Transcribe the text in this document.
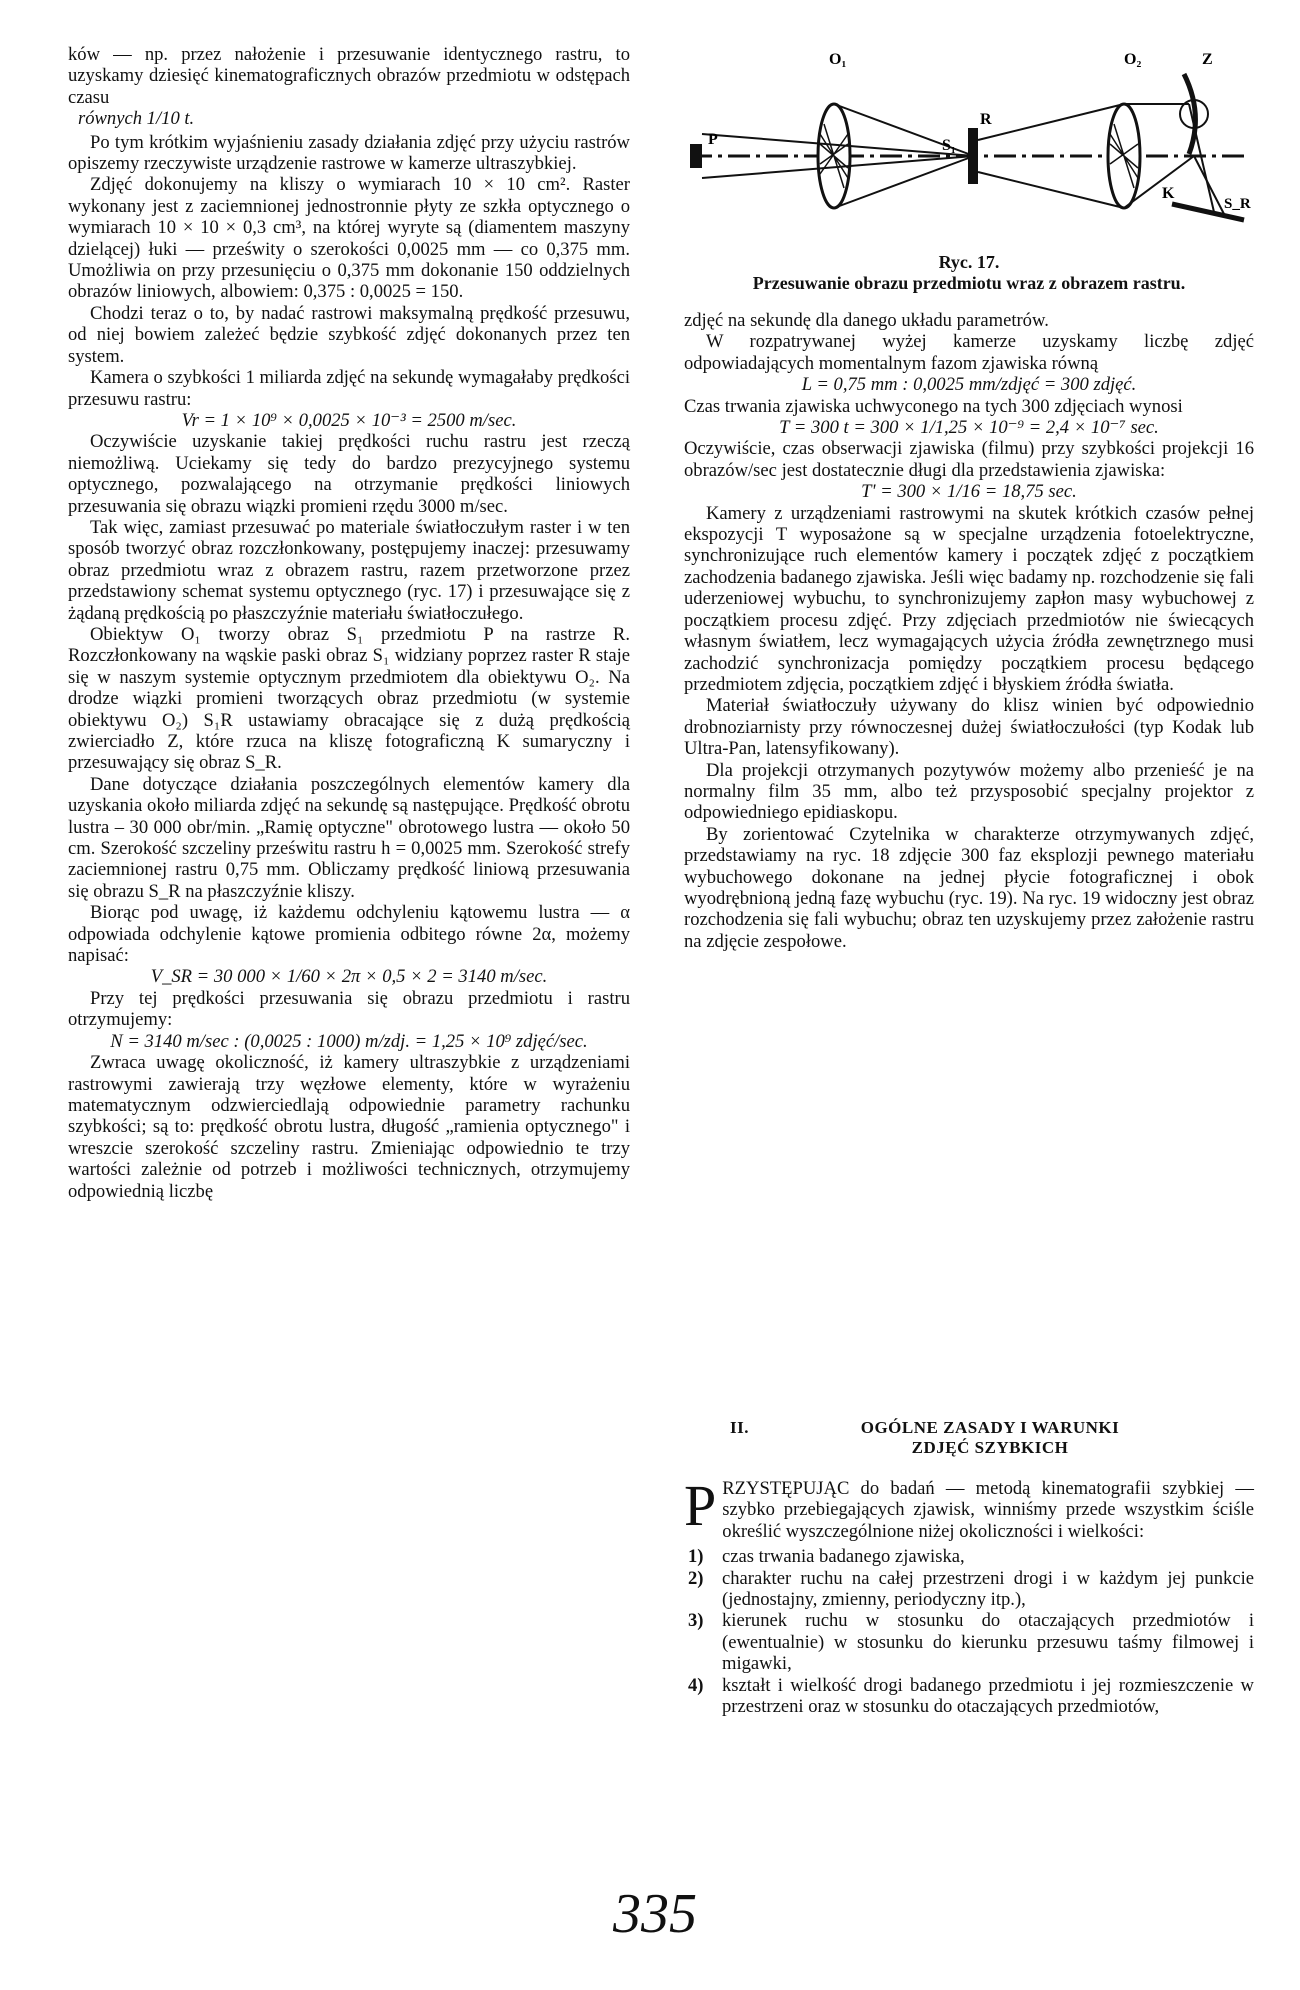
ków — np. przez nałożenie i przesuwanie identycznego rastru, to uzyskamy dziesięć kinematograficznych obrazów przedmiotu w odstępach czasu

równych 1/10 t.

Po tym krótkim wyjaśnieniu zasady działania zdjęć przy użyciu rastrów opiszemy rzeczywiste urządzenie rastrowe w kamerze ultraszybkiej.

Zdjęć dokonujemy na kliszy o wymiarach 10 × 10 cm². Raster wykonany jest z zaciemnionej jednostronnie płyty ze szkła optycznego o wymiarach 10 × 10 × 0,3 cm³, na której wyryte są (diamentem maszyny dzielącej) łuki — prześwity o szerokości 0,0025 mm — co 0,375 mm. Umożliwia on przy przesunięciu o 0,375 mm dokonanie 150 oddzielnych obrazów liniowych, albowiem: 0,375 : 0,0025 = 150.

Chodzi teraz o to, by nadać rastrowi maksymalną prędkość przesuwu, od niej bowiem zależeć będzie szybkość zdjęć dokonanych przez ten system.

Kamera o szybkości 1 miliarda zdjęć na sekundę wymagałaby prędkości przesuwu rastru:

Vr = 1 × 10⁹ × 0,0025 × 10⁻³ = 2500 m/sec.

Oczywiście uzyskanie takiej prędkości ruchu rastru jest rzeczą niemożliwą. Uciekamy się tedy do bardzo prezycyjnego systemu optycznego, pozwalającego na otrzymanie prędkości liniowych przesuwania się obrazu wiązki promieni rzędu 3000 m/sec.

Tak więc, zamiast przesuwać po materiale światłoczułym raster i w ten sposób tworzyć obraz rozczłonkowany, postępujemy inaczej: przesuwamy obraz przedmiotu wraz z obrazem rastru, razem przetworzone przez przedstawiony schemat systemu optycznego (ryc. 17) i przesuwające się z żądaną prędkością po płaszczyźnie materiału światłoczułego.

Obiektyw O₁ tworzy obraz S₁ przedmiotu P na rastrze R. Rozczłonkowany na wąskie paski obraz S₁ widziany poprzez raster R staje się w naszym systemie optycznym przedmiotem dla obiektywu O₂. Na drodze wiązki promieni tworzących obraz przedmiotu (w systemie obiektywu O₂) S₁R ustawiamy obracające się z dużą prędkością zwierciadło Z, które rzuca na kliszę fotograficzną K sumaryczny i przesuwający się obraz S_R.

Dane dotyczące działania poszczególnych elementów kamery dla uzyskania około miliarda zdjęć na sekundę są następujące. Prędkość obrotu lustra – 30 000 obr/min. „Ramię optyczne" obrotowego lustra — około 50 cm. Szerokość szczeliny prześwitu rastru h = 0,0025 mm. Szerokość strefy zaciemnionej rastru 0,75 mm. Obliczamy prędkość liniową przesuwania się obrazu S_R na płaszczyźnie kliszy.

Biorąc pod uwagę, iż każdemu odchyleniu kątowemu lustra — α odpowiada odchylenie kątowe promienia odbitego równe 2α, możemy napisać:

V_SR = 30 000 × 1/60 × 2π × 0,5 × 2 = 3140 m/sec.

Przy tej prędkości przesuwania się obrazu przedmiotu i rastru otrzymujemy:

N = 3140 m/sec : (0,0025 : 1000) m/zdj. = 1,25 × 10⁹ zdjęć/sec.

Zwraca uwagę okoliczność, iż kamery ultraszybkie z urządzeniami rastrowymi zawierają trzy węzłowe elementy, które w wyrażeniu matematycznym odzwierciedlają odpowiednie parametry rachunku szybkości; są to: prędkość obrotu lustra, długość „ramienia optycznego" i wreszcie szerokość szczeliny rastru. Zmieniając odpowiednio te trzy wartości zależnie od potrzeb i możliwości technicznych, otrzymujemy odpowiednią liczbę

O₁
R
S₁
P
O₂	Z
K
S_R
Ryc. 17.
Przesuwanie obrazu przedmiotu wraz z obrazem rastru.

zdjęć na sekundę dla danego układu parametrów.

W rozpatrywanej wyżej kamerze uzyskamy liczbę zdjęć odpowiadających momentalnym fazom zjawiska równą

L = 0,75 mm : 0,0025 mm/zdjęć = 300 zdjęć.

Czas trwania zjawiska uchwyconego na tych 300 zdjęciach wynosi

T = 300 t = 300 × 1/1,25 × 10⁻⁹ = 2,4 × 10⁻⁷ sec.

Oczywiście, czas obserwacji zjawiska (filmu) przy szybkości projekcji 16 obrazów/sec jest dostatecznie długi dla przedstawienia zjawiska:

T' = 300 × 1/16 = 18,75 sec.

Kamery z urządzeniami rastrowymi na skutek krótkich czasów pełnej ekspozycji T wyposażone są w specjalne urządzenia fotoelektryczne, synchronizujące ruch elementów kamery i początek zdjęć z początkiem zachodzenia badanego zjawiska. Jeśli więc badamy np. rozchodzenie się fali uderzeniowej wybuchu, to synchronizujemy zapłon masy wybuchowej z początkiem procesu zdjęć. Przy zdjęciach przedmiotów nie świecących własnym światłem, lecz wymagających użycia źródła zewnętrznego musi zachodzić synchronizacja pomiędzy początkiem procesu będącego przedmiotem zdjęcia, początkiem zdjęć i błyskiem źródła światła.

Materiał światłoczuły używany do klisz winien być odpowiednio drobnoziarnisty przy równoczesnej dużej światłoczułości (typ Kodak lub Ultra-Pan, latensyfikowany).

Dla projekcji otrzymanych pozytywów możemy albo przenieść je na normalny film 35 mm, albo też przysposobić specjalny projektor z odpowiedniego epidiaskopu.

By zorientować Czytelnika w charakterze otrzymywanych zdjęć, przedstawiamy na ryc. 18 zdjęcie 300 faz eksplozji pewnego materiału wybuchowego dokonane na jednej płycie fotograficznej i obok wyodrębnioną jedną fazę wybuchu (ryc. 19). Na ryc. 19 widoczny jest obraz rozchodzenia się fali wybuchu; obraz ten uzyskujemy przez założenie rastru na zdjęcie zespołowe.

II.	OGÓLNE ZASADY I WARUNKI
ZDJĘĆ SZYBKICH

P RZYSTĘPUJĄC do badań — metodą kinematografii szybkiej — szybko przebiegających zjawisk, winniśmy przede wszystkim ściśle określić wyszczególnione niżej okoliczności i wielkości:

1) czas trwania badanego zjawiska,
2) charakter ruchu na całej przestrzeni drogi i w każdym jej punkcie (jednostajny, zmienny, periodyczny itp.),
3) kierunek ruchu w stosunku do otaczających przedmiotów i (ewentualnie) w stosunku do kierunku przesuwu taśmy filmowej i migawki,
4) kształt i wielkość drogi badanego przedmiotu i jej rozmieszczenie w przestrzeni oraz w stosunku do otaczających przedmiotów,
335
